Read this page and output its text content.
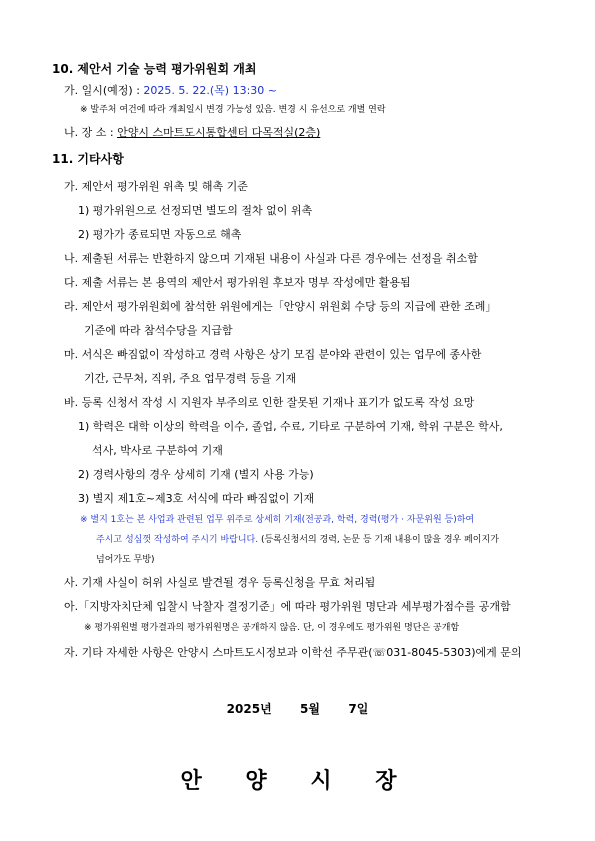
10. 제안서 기술 능력 평가위원회 개최
가. 일시(예정) : 2025. 5. 22.(목) 13:30 ~
※ 발주처 여건에 따라 개최일시 변경 가능성 있음. 변경 시 유선으로 개별 연락
나. 장 소 : 안양시 스마트도시통합센터 다목적실(2층)
11. 기타사항
가. 제안서 평가위원 위촉 및 해촉 기준
1) 평가위원으로 선정되면 별도의 절차 없이 위촉
2) 평가가 종료되면 자동으로 해촉
나. 제출된 서류는 반환하지 않으며 기재된 내용이 사실과 다른 경우에는 선정을 취소함
다. 제출 서류는 본 용역의 제안서 평가위원 후보자 명부 작성에만 활용됨
라. 제안서 평가위원회에 참석한 위원에게는「안양시 위원회 수당 등의 지급에 관한 조례」
기준에 따라 참석수당을 지급함
마. 서식은 빠짐없이 작성하고 경력 사항은 상기 모집 분야와 관련이 있는 업무에 종사한
기간, 근무처, 직위, 주요 업무경력 등을 기재
바. 등록 신청서 작성 시 지원자 부주의로 인한 잘못된 기재나 표기가 없도록 작성 요망
1) 학력은 대학 이상의 학력을 이수, 졸업, 수료, 기타로 구분하여 기재, 학위 구분은 학사,
석사, 박사로 구분하여 기재
2) 경력사항의 경우 상세히 기재 (별지 사용 가능)
3) 별지 제1호~제3호 서식에 따라 빠짐없이 기재
※ 별지 1호는 본 사업과 관련된 업무 위주로 상세히 기재(전공과, 학력, 경력(평가 · 자문위원 등)하여
주시고 성심껏 작성하여 주시기 바랍니다. (등록신청서의 경력, 논문 등 기재 내용이 많을 경우 페이지가
넘어가도 무방)
사. 기재 사실이 허위 사실로 발견될 경우 등록신청을 무효 처리됨
아.「지방자치단체 입찰시 낙찰자 결정기준」에 따라 평가위원 명단과 세부평가점수를 공개함
※ 평가위원별 평가결과의 평가위원명은 공개하지 않음. 단, 이 경우에도 평가위원 명단은 공개함
자. 기타 자세한 사항은 안양시 스마트도시정보과 이학선 주무관(☏031-8045-5303)에게 문의
2025년 5월 7일
안 양 시 장
